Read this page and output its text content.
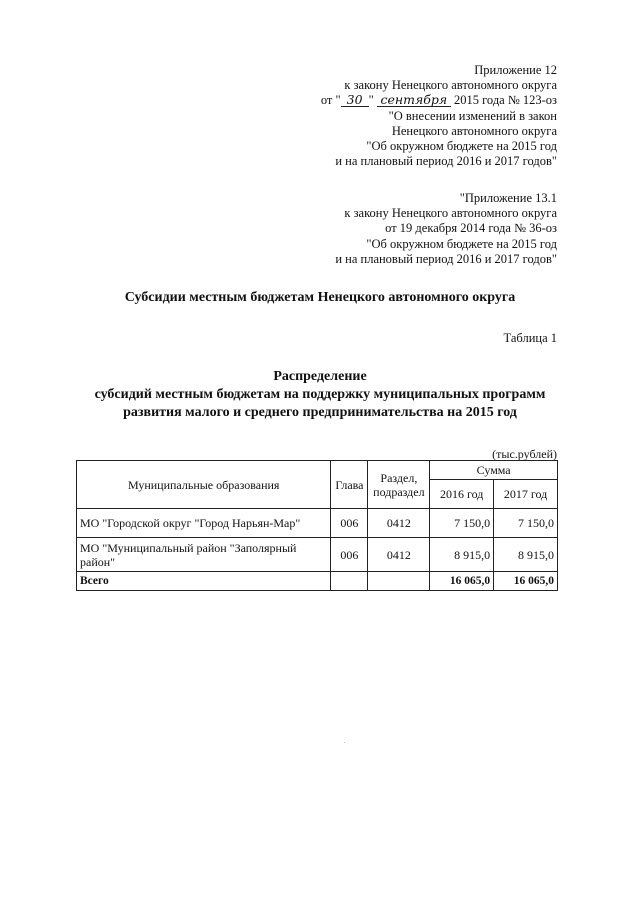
Приложение 12
к закону Ненецкого автономного округа
от " 30 " сентября 2015 года № 123-оз
"О внесении изменений в закон
Ненецкого автономного округа
"Об окружном бюджете на 2015 год
и на плановый период 2016 и 2017 годов"
"Приложение 13.1
к закону Ненецкого автономного округа
от 19 декабря 2014 года № 36-оз
"Об окружном бюджете на 2015 год
и на плановый период 2016 и 2017 годов"
Субсидии местным бюджетам Ненецкого автономного округа
Таблица 1
Распределение
субсидий местным бюджетам на поддержку муниципальных программ
развития малого и среднего предпринимательства на 2015 год
(тыс.рублей)
Муниципальные образования	Глава	Раздел, подраздел	Сумма	
			2016 год	2017 год
МО "Городской округ "Город Нарьян-Мар"	006	0412	7 150,0	7 150,0
МО "Муниципальный район "Заполярный район"	006	0412	8 915,0	8 915,0
Всего			16 065,0	16 065,0
